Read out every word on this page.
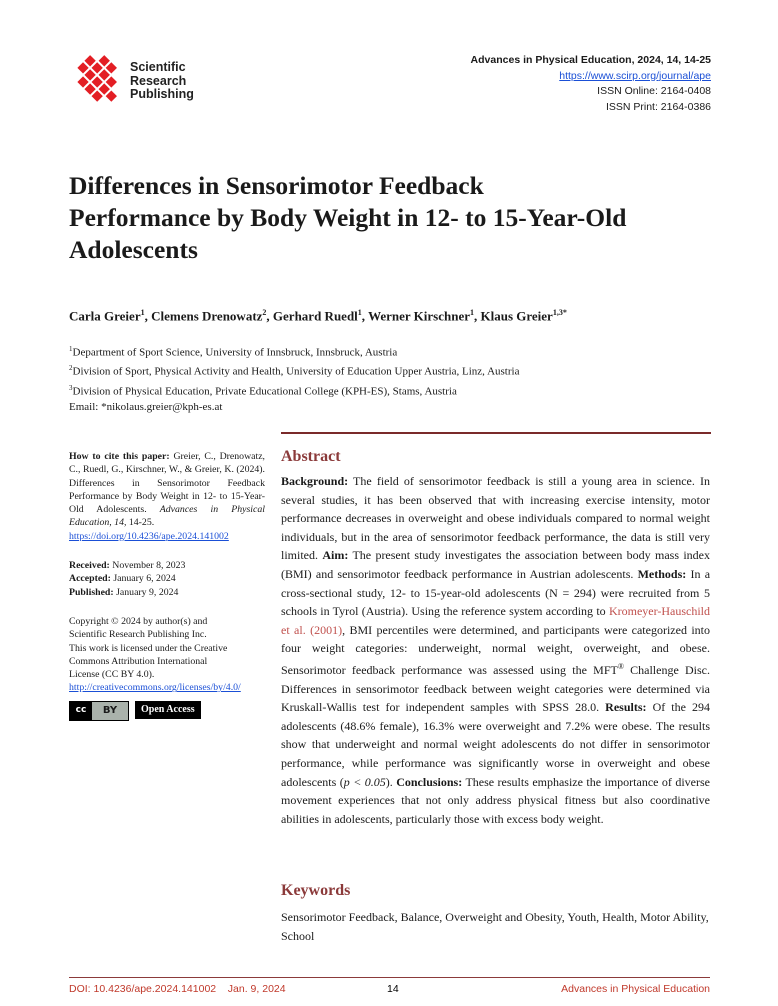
Scientific
Research
Publishing
Advances in Physical Education, 2024, 14, 14-25
https://www.scirp.org/journal/ape
ISSN Online: 2164-0408
ISSN Print: 2164-0386
Differences in Sensorimotor Feedback Performance by Body Weight in 12- to 15-Year-Old Adolescents
Carla Greier$^1$, Clemens Drenowatz$^2$, Gerhard Ruedl$^1$, Werner Kirschner$^1$, Klaus Greier$^{1,3*}$
$^1$Department of Sport Science, University of Innsbruck, Innsbruck, Austria
$^2$Division of Sport, Physical Activity and Health, University of Education Upper Austria, Linz, Austria
$^3$Division of Physical Education, Private Educational College (KPH-ES), Stams, Austria
Email: *nikolaus.greier@kph-es.at

How to cite this paper: Greier, C., Drenowatz, C., Ruedl, G., Kirschner, W., & Greier, K. (2024). Differences in Sensorimotor Feedback Performance by Body Weight in 12- to 15-Year-Old Adolescents. Advances in Physical Education, 14, 14-25.
https://doi.org/10.4236/ape.2024.141002

Received: November 8, 2023
Accepted: January 6, 2024
Published: January 9, 2024

Copyright © 2024 by author(s) and
Scientific Research Publishing Inc.
This work is licensed under the Creative
Commons Attribution International
License (CC BY 4.0).
http://creativecommons.org/licenses/by/4.0/

cc	BY	Open Access
Abstract
Background: The field of sensorimotor feedback is still a young area in science. In several studies, it has been observed that with increasing exercise intensity, motor performance decreases in overweight and obese individuals compared to normal weight individuals, but in the area of sensorimotor feedback performance, the data is still very limited. Aim: The present study investigates the association between body mass index (BMI) and sensorimotor feedback performance in Austrian adolescents. Methods: In a cross-sectional study, 12- to 15-year-old adolescents (N = 294) were recruited from 5 schools in Tyrol (Austria). Using the reference system according to Kromeyer-Hauschild et al. (2001), BMI percentiles were determined, and participants were categorized into four weight categories: underweight, normal weight, overweight, and obese. Sensorimotor feedback performance was assessed using the MFT® Challenge Disc. Differences in sensorimotor feedback between weight categories were determined via Kruskall-Wallis test for independent samples with SPSS 28.0. Results: Of the 294 adolescents (48.6% female), 16.3% were overweight and 7.2% were obese. The results show that underweight and normal weight adolescents do not differ in sensorimotor performance, while performance was significantly worse in overweight and obese adolescents (p < 0.05). Conclusions: These results emphasize the importance of diverse movement experiences that not only address physical fitness but also coordinative abilities in adolescents, particularly those with excess body weight.
Keywords
Sensorimotor Feedback, Balance, Overweight and Obesity, Youth, Health, Motor Ability, School
DOI: 10.4236/ape.2024.141002 Jan. 9, 2024	14	Advances in Physical Education
